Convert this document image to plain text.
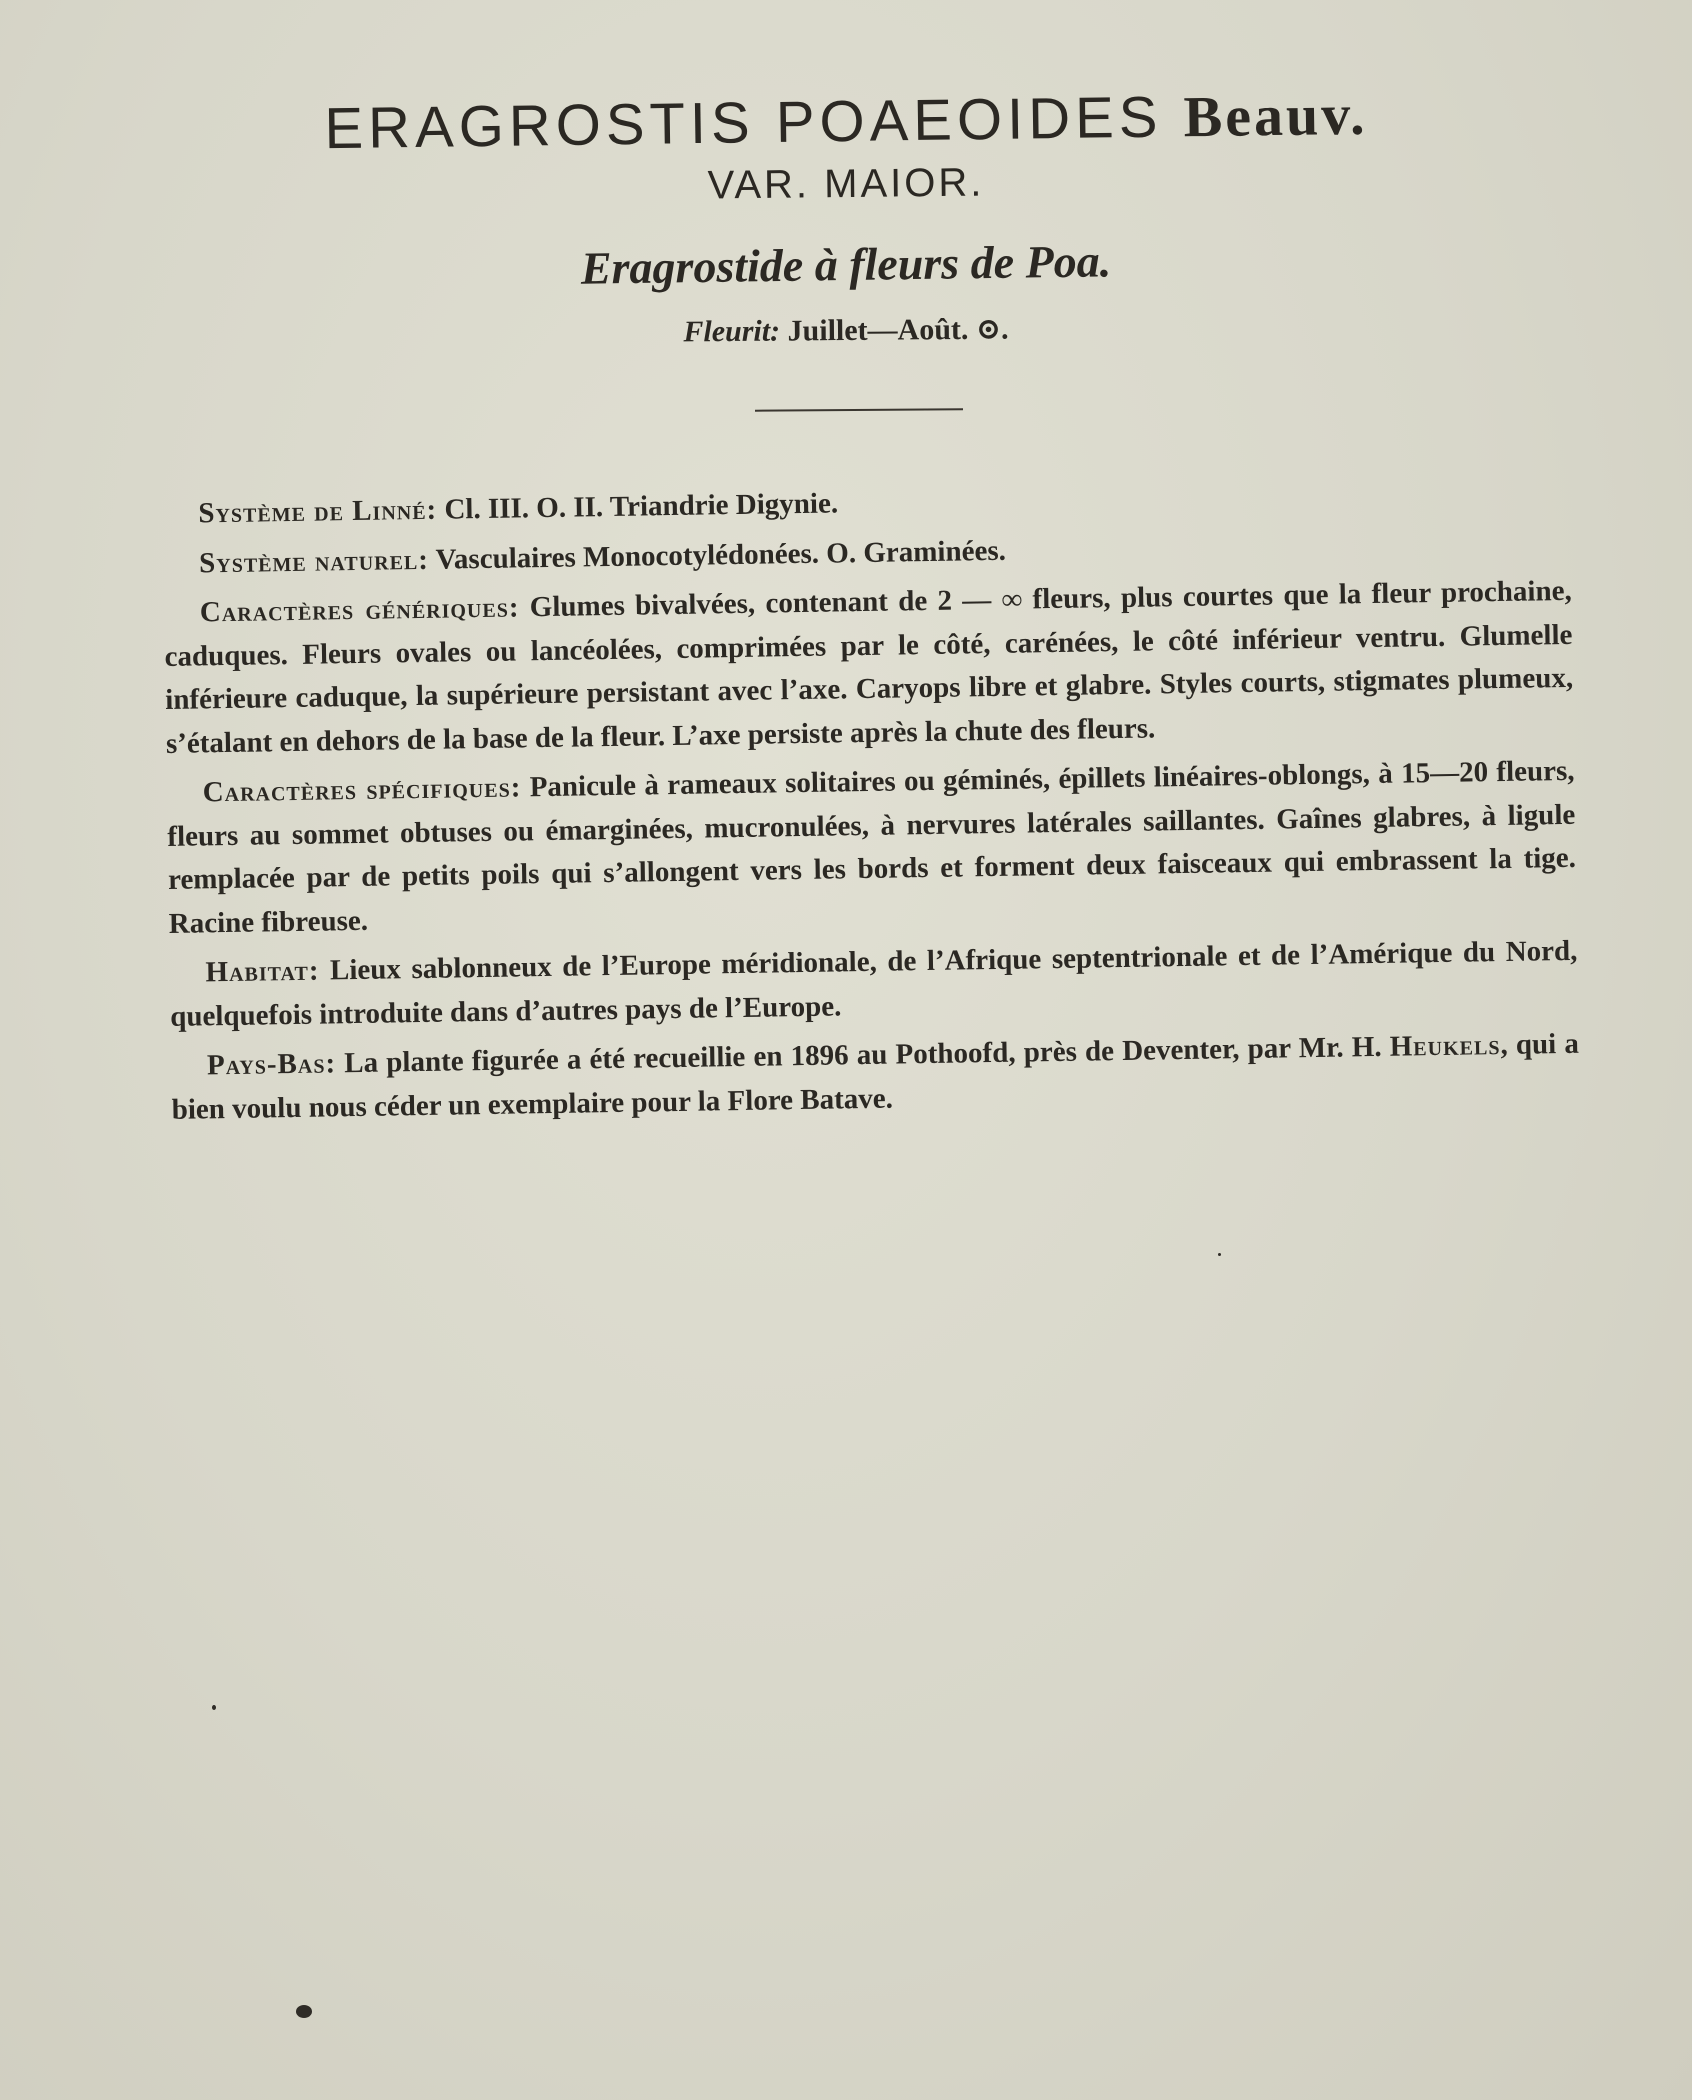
ERAGROSTIS POAEOIDES Beauv.
VAR. MAIOR.
Eragrostide à fleurs de Poa.
Fleurit: Juillet—Août. ⊙.

Système de Linné: Cl. III. O. II. Triandrie Digynie.

Système naturel: Vasculaires Monocotylédonées. O. Graminées.

Caractères génériques: Glumes bivalvées, contenant de 2 — ∞ fleurs, plus courtes que la fleur prochaine, caduques. Fleurs ovales ou lancéolées, comprimées par le côté, carénées, le côté inférieur ventru. Glumelle inférieure caduque, la supérieure persistant avec l’axe. Caryops libre et glabre. Styles courts, stigmates plumeux, s’étalant en dehors de la base de la fleur. L’axe persiste après la chute des fleurs.

Caractères spécifiques: Panicule à rameaux solitaires ou géminés, épillets linéaires-oblongs, à 15—20 fleurs, fleurs au sommet obtuses ou émarginées, mucronulées, à nervures latérales saillantes. Gaînes glabres, à ligule remplacée par de petits poils qui s’allongent vers les bords et forment deux faisceaux qui embrassent la tige. Racine fibreuse.

Habitat: Lieux sablonneux de l’Europe méridionale, de l’Afrique septentrionale et de l’Amérique du Nord, quelquefois introduite dans d’autres pays de l’Europe.

Pays-Bas: La plante figurée a été recueillie en 1896 au Pothoofd, près de Deventer, par Mr. H. Heukels, qui a bien voulu nous céder un exemplaire pour la Flore Batave.
